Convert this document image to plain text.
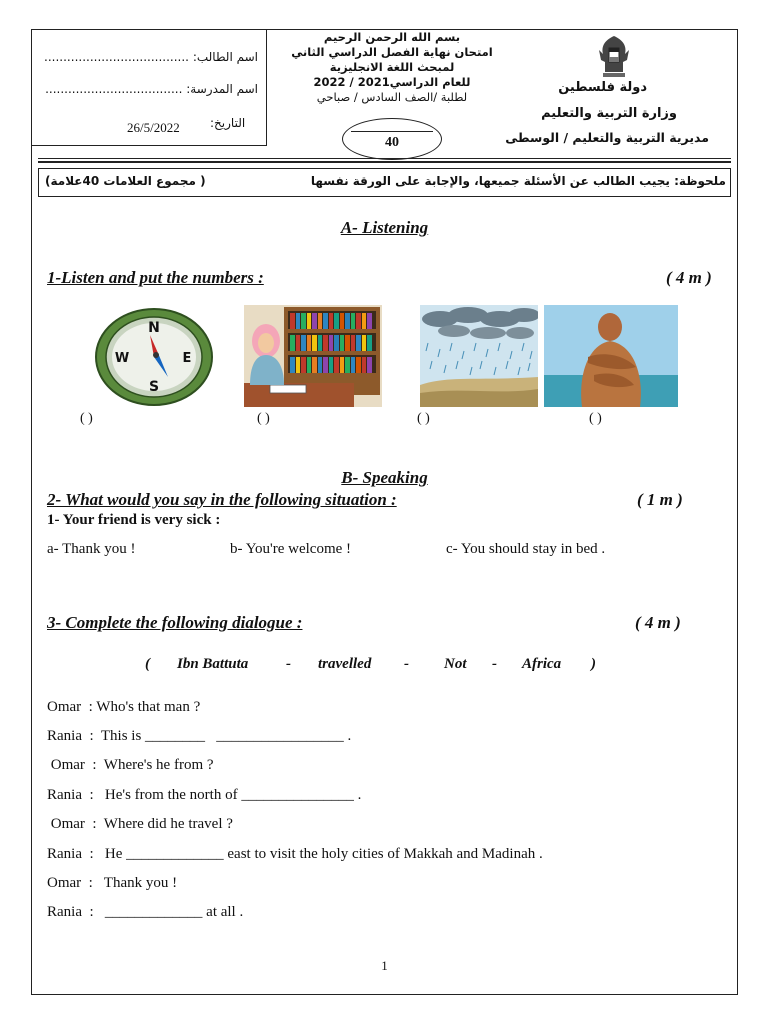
اسم الطالب: ......................................
اسم المدرسة: ....................................
التاريخ:
26/5/2022
بسم الله الرحمن الرحيم
امتحان نهاية الفصل الدراسي الثاني
لمبحث اللغة الانجليزية
للعام الدراسي2021 / 2022
لطلبة /الصف السادس / صباحي
40
دولة فلسطين
وزارة التربية والتعليم
مديرية التربية والتعليم / الوسطى
ملحوظة: يجيب الطالب عن الأسئلة جميعها، والإجابة على الورقة نفسها
( مجموع العلامات 40علامة)
A- Listening
1-Listen and put the numbers :	( 4 m )
N
S
W	E
( )	( )	( )	( )
B- Speaking
2- What would you say in the following situation :	( 1 m )
1- Your friend is very sick :
a- Thank you !	b- You're welcome !	c- You should stay in bed .
3- Complete the following dialogue :	( 4 m )
( Ibn Battuta	- travelled - Not - Africa )
Omar  : Who's that man ?
Rania  :  This is ________   _________________ .
Omar  :  Where's he from ?
Rania  :   He's from the north of _______________ .
Omar  :  Where did he travel ?
Rania  :   He _____________ east to visit the holy cities of Makkah and Madinah .
Omar  :   Thank you !
Rania  :   _____________ at all .
1
